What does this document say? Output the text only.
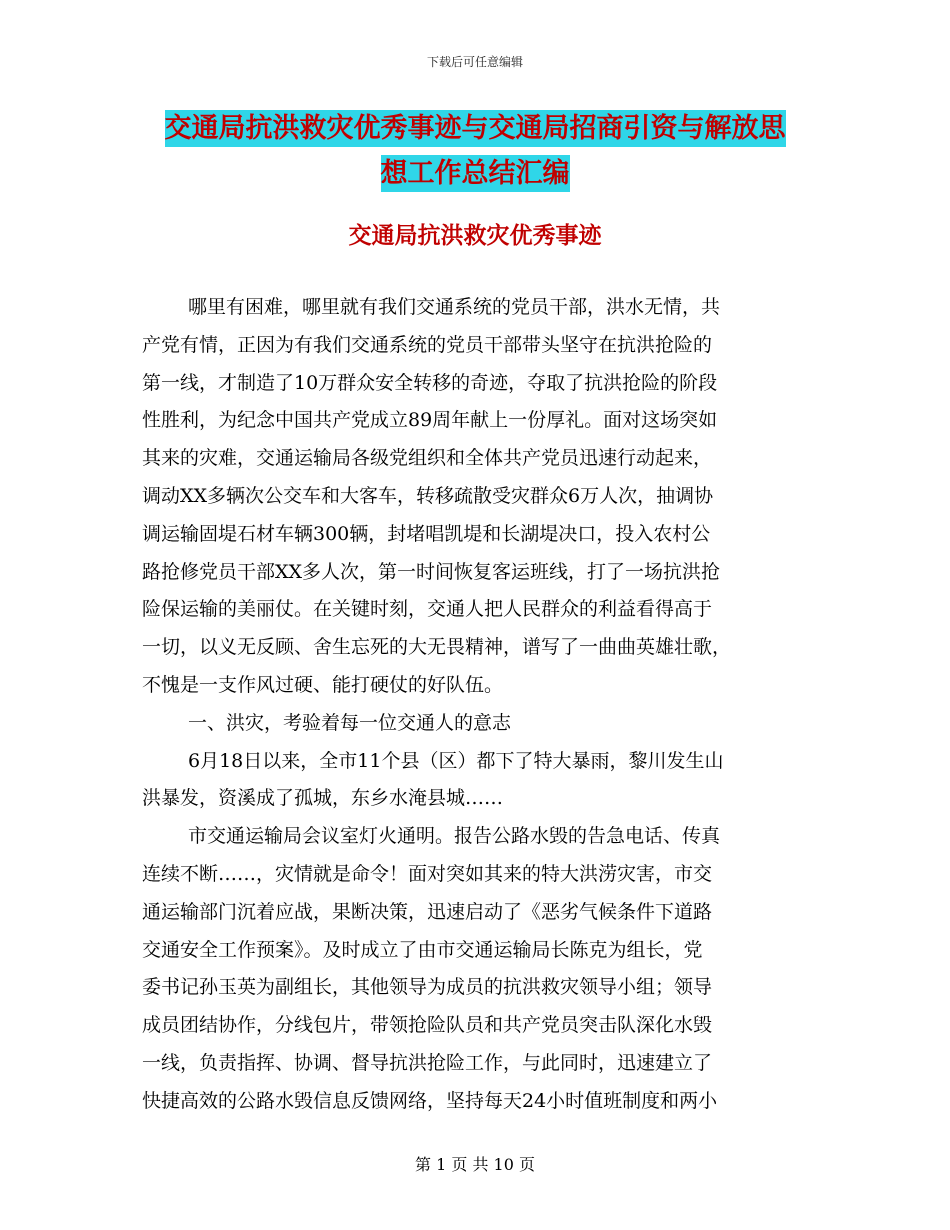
下载后可任意编辑
交通局抗洪救灾优秀事迹与交通局招商引资与解放思
想工作总结汇编
交通局抗洪救灾优秀事迹
哪里有困难，哪里就有我们交通系统的党员干部，洪水无情，共
产党有情，正因为有我们交通系统的党员干部带头坚守在抗洪抢险的
第一线，才制造了10万群众安全转移的奇迹，夺取了抗洪抢险的阶段
性胜利，为纪念中国共产党成立89周年献上一份厚礼。面对这场突如
其来的灾难，交通运输局各级党组织和全体共产党员迅速行动起来，
调动XX多辆次公交车和大客车，转移疏散受灾群众6万人次，抽调协
调运输固堤石材车辆300辆，封堵唱凯堤和长湖堤决口，投入农村公
路抢修党员干部XX多人次，第一时间恢复客运班线，打了一场抗洪抢
险保运输的美丽仗。在关键时刻，交通人把人民群众的利益看得高于
一切，以义无反顾、舍生忘死的大无畏精神，谱写了一曲曲英雄壮歌，
不愧是一支作风过硬、能打硬仗的好队伍。
一、洪灾，考验着每一位交通人的意志
6月18日以来，全市11个县（区）都下了特大暴雨，黎川发生山
洪暴发，资溪成了孤城，东乡水淹县城……
市交通运输局会议室灯火通明。报告公路水毁的告急电话、传真
连续不断……，灾情就是命令！面对突如其来的特大洪涝灾害，市交
通运输部门沉着应战，果断决策，迅速启动了《恶劣气候条件下道路
交通安全工作预案》。及时成立了由市交通运输局长陈克为组长，党
委书记孙玉英为副组长，其他领导为成员的抗洪救灾领导小组；领导
成员团结协作，分线包片，带领抢险队员和共产党员突击队深化水毁
一线，负责指挥、协调、督导抗洪抢险工作，与此同时，迅速建立了
快捷高效的公路水毁信息反馈网络，坚持每天24小时值班制度和两小
第 1 页 共 10 页
